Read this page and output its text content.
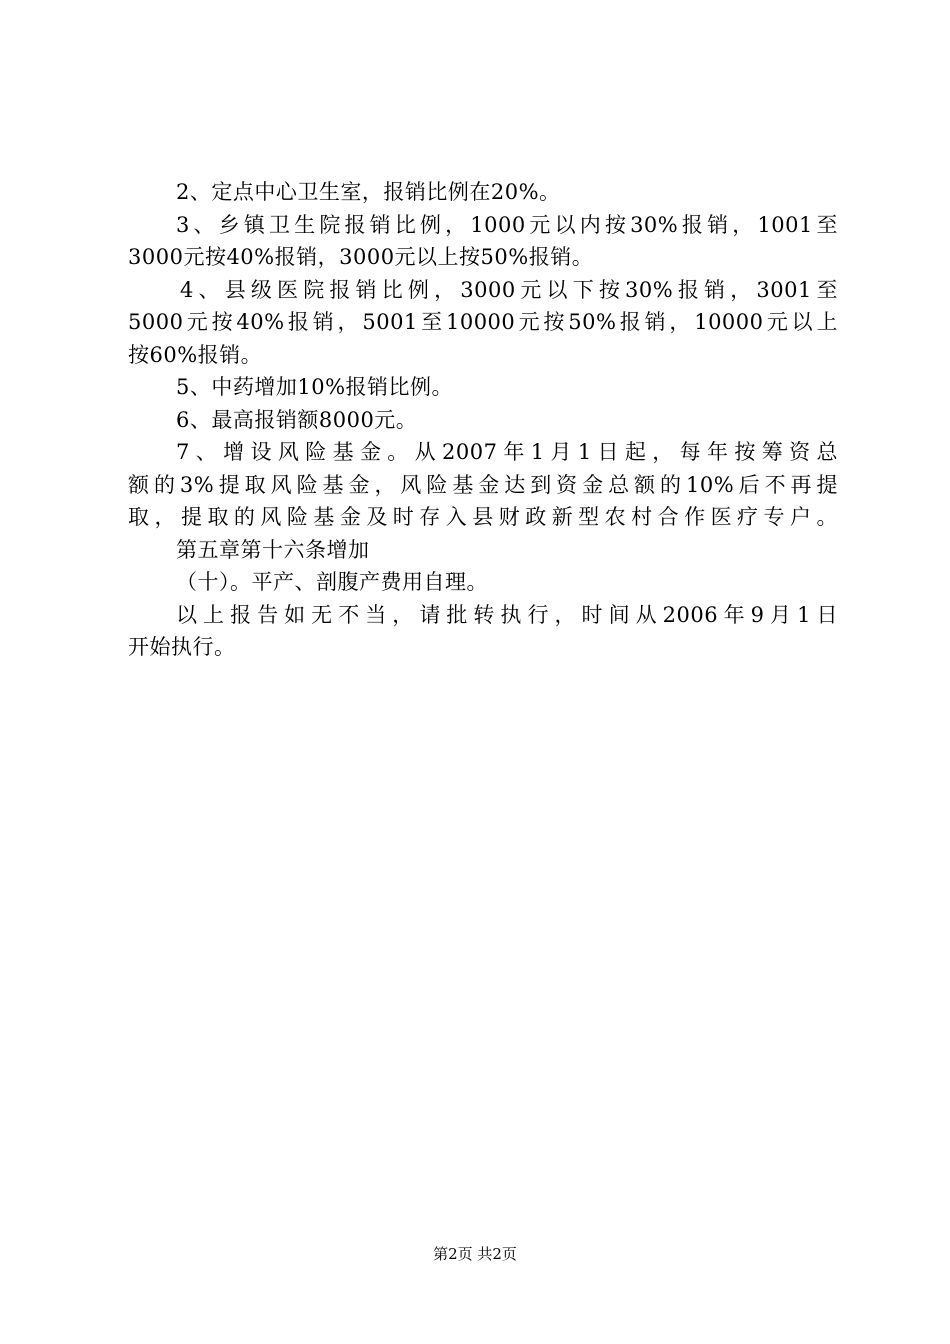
2、定点中心卫生室，报销比例在20%。
3、乡镇卫生院报销比例，1000元以内按30%报销，1001至
3000元按40%报销，3000元以上按50%报销。
4、县级医院报销比例，3000元以下按30%报销，3001至
5000元按40%报销，5001至10000元按50%报销，10000元以上
按60%报销。
5、中药增加10%报销比例。
6、最高报销额8000元。
7、增设风险基金。从2007年1月1日起，每年按筹资总
额的3%提取风险基金，风险基金达到资金总额的10%后不再提
取，提取的风险基金及时存入县财政新型农村合作医疗专户。
第五章第十六条增加
（十）。平产、剖腹产费用自理。
以上报告如无不当，请批转执行，时间从2006年9月1日
开始执行。
第2页 共2页
